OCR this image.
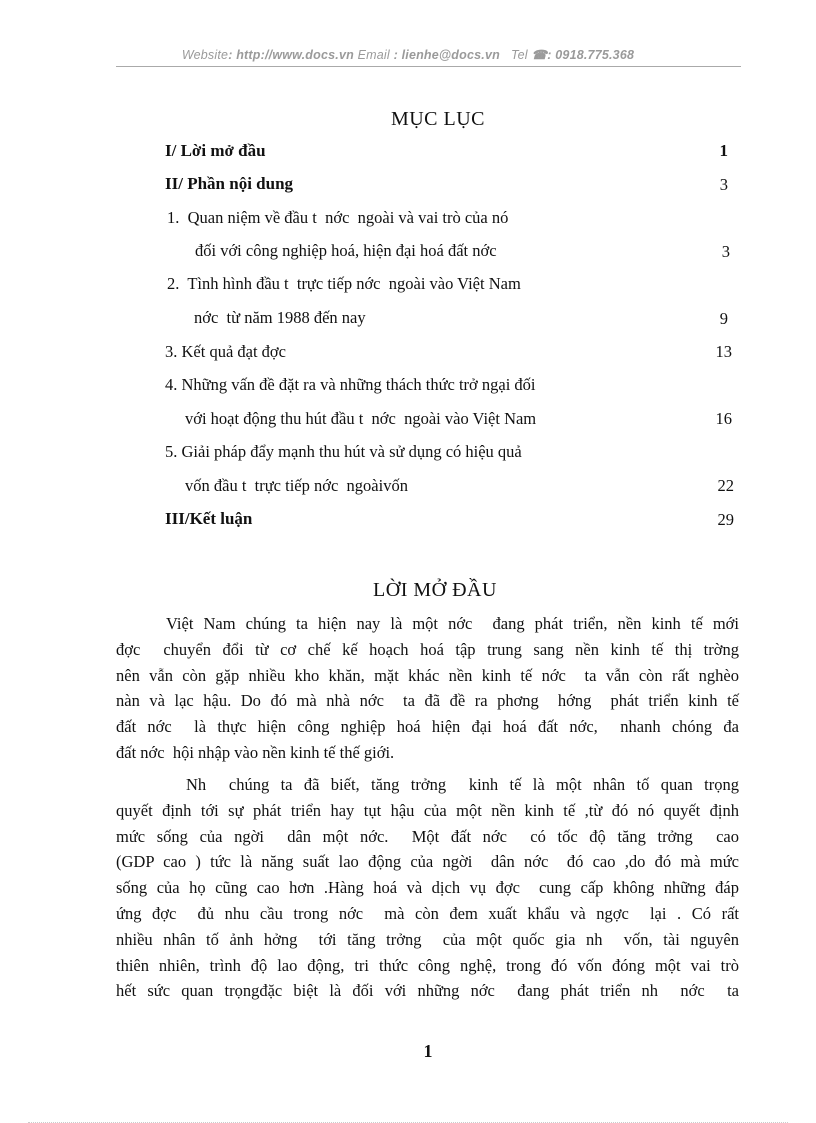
Website: http://www.docs.vn Email : lienhe@docs.vn   Tel ☎: 0918.775.368
MỤC LỤC
I/ Lời mở đầu	1
II/ Phần nội dung	3
1.  Quan niệm về đầu t  nớc  ngoài và vai trò của nó
đối với công nghiệp hoá, hiện đại hoá đất nớc	3
2.  Tình hình đầu t  trực tiếp nớc  ngoài vào Việt Nam
nớc  từ năm 1988 đến nay	9
3. Kết quả đạt đợc	13
4. Những vấn đề đặt ra và những thách thức trở ngại đối
với hoạt động thu hút đầu t  nớc  ngoài vào Việt Nam	16
5. Giải pháp đẩy mạnh thu hút và sử dụng có hiệu quả
vốn đầu t  trực tiếp nớc  ngoàivốn	22
III/Kết luận	29
LỜI MỞ ĐẦU
Việt Nam chúng ta hiện nay là một nớc  đang phát triển, nền kinh tế mới
đợc  chuyển đổi từ cơ chế kế hoạch hoá tập trung sang nền kinh tế thị trờng
nên vẫn còn gặp nhiều kho khăn, mặt khác nền kinh tế nớc  ta vẫn còn rất nghèo
nàn và lạc hậu. Do đó mà nhà nớc  ta đã đề ra phơng  hớng  phát triển kinh tế
đất nớc  là thực hiện công nghiệp hoá hiện đại hoá đất nớc,  nhanh chóng đa
đất nớc  hội nhập vào nền kinh tế thế giới.
Nh  chúng ta đã biết, tăng trởng  kinh tế là một nhân tố quan trọng
quyết định tới sự phát triển hay tụt hậu của một nền kinh tế ,từ đó nó quyết định
mức sống của ngời  dân một nớc.  Một đất nớc  có tốc độ tăng trởng  cao
(GDP cao ) tức là năng suất lao động của ngời  dân nớc  đó cao ,do đó mà mức
sống của họ cũng cao hơn .Hàng hoá và dịch vụ đợc  cung cấp không những đáp
ứng đợc  đủ nhu cầu trong nớc  mà còn đem xuất khẩu và ngợc  lại . Có rất
nhiều nhân tố ảnh hởng  tới tăng trởng  của một quốc gia nh  vốn, tài nguyên
thiên nhiên, trình độ lao động, tri thức công nghệ, trong đó vốn đóng một vai trò
hết sức quan trọngđặc biệt là đối với những nớc  đang phát triển nh  nớc  ta
1
